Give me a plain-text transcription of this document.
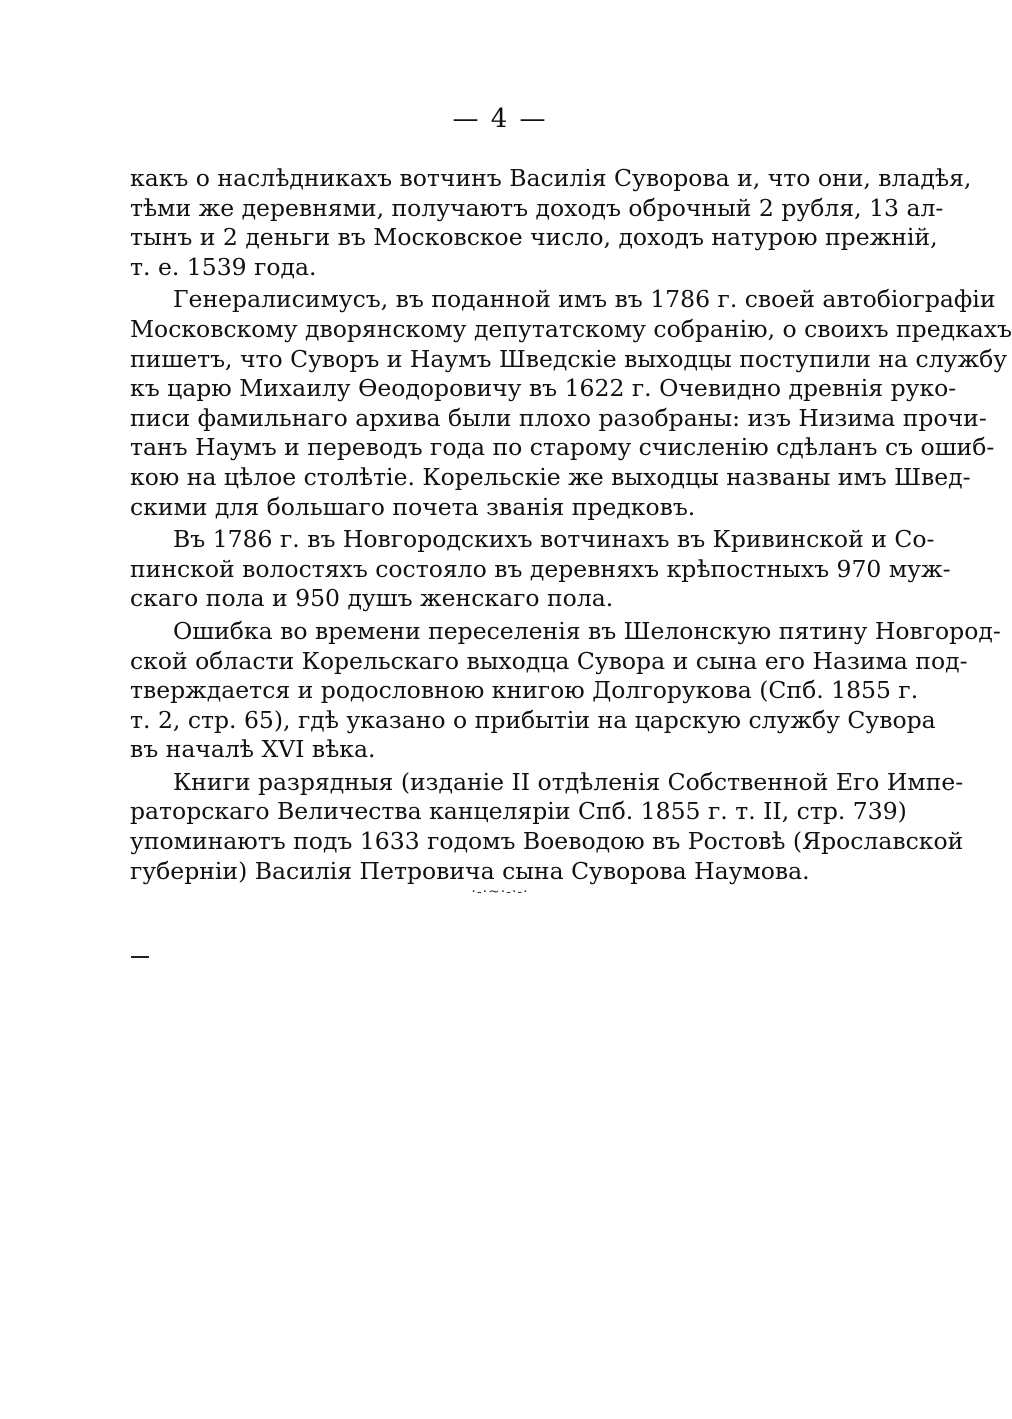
— 4 —
какъ о наслѣдникахъ вотчинъ Василія Суворова и, что они, владѣя,
тѣми же деревнями, получаютъ доходъ оброчный 2 рубля, 13 ал-
тынъ и 2 деньги въ Московское число, доходъ натурою прежній,
т. е. 1539 года.
Генералисимусъ, въ поданной имъ въ 1786 г. своей автобіографіи
Московскому дворянскому депутатскому собранію, о своихъ предкахъ
пишетъ, что Суворъ и Наумъ Шведскіе выходцы поступили на службу
къ царю Михаилу Ѳеодоровичу въ 1622 г. Очевидно древнія руко-
писи фамильнаго архива были плохо разобраны: изъ Низима прочи-
танъ Наумъ и переводъ года по старому счисленію сдѣланъ съ ошиб-
кою на цѣлое столѣтіе. Корельскіе же выходцы названы имъ Швед-
скими для большаго почета званія предковъ.
Въ 1786 г. въ Новгородскихъ вотчинахъ въ Кривинской и Со-
пинской волостяхъ состояло въ деревняхъ крѣпостныхъ 970 муж-
скаго пола и 950 душъ женскаго пола.
Ошибка во времени переселенія въ Шелонскую пятину Новгород-
ской области Корельскаго выходца Сувора и сына его Назима под-
тверждается и родословною книгою Долгорукова (Спб. 1855 г.
т. 2, стр. 65), гдѣ указано о прибытіи на царскую службу Сувора
въ началѣ XVI вѣка.
Книги разрядныя (изданіе II отдѣленія Собственной Его Импе-
раторскаго Величества канцеляріи Спб. 1855 г. т. II, стр. 739)
упоминаютъ подъ 1633 годомъ Воеводою въ Ростовѣ (Ярославской
губерніи) Василія Петровича сына Суворова Наумова.
·-·~·-·-·
